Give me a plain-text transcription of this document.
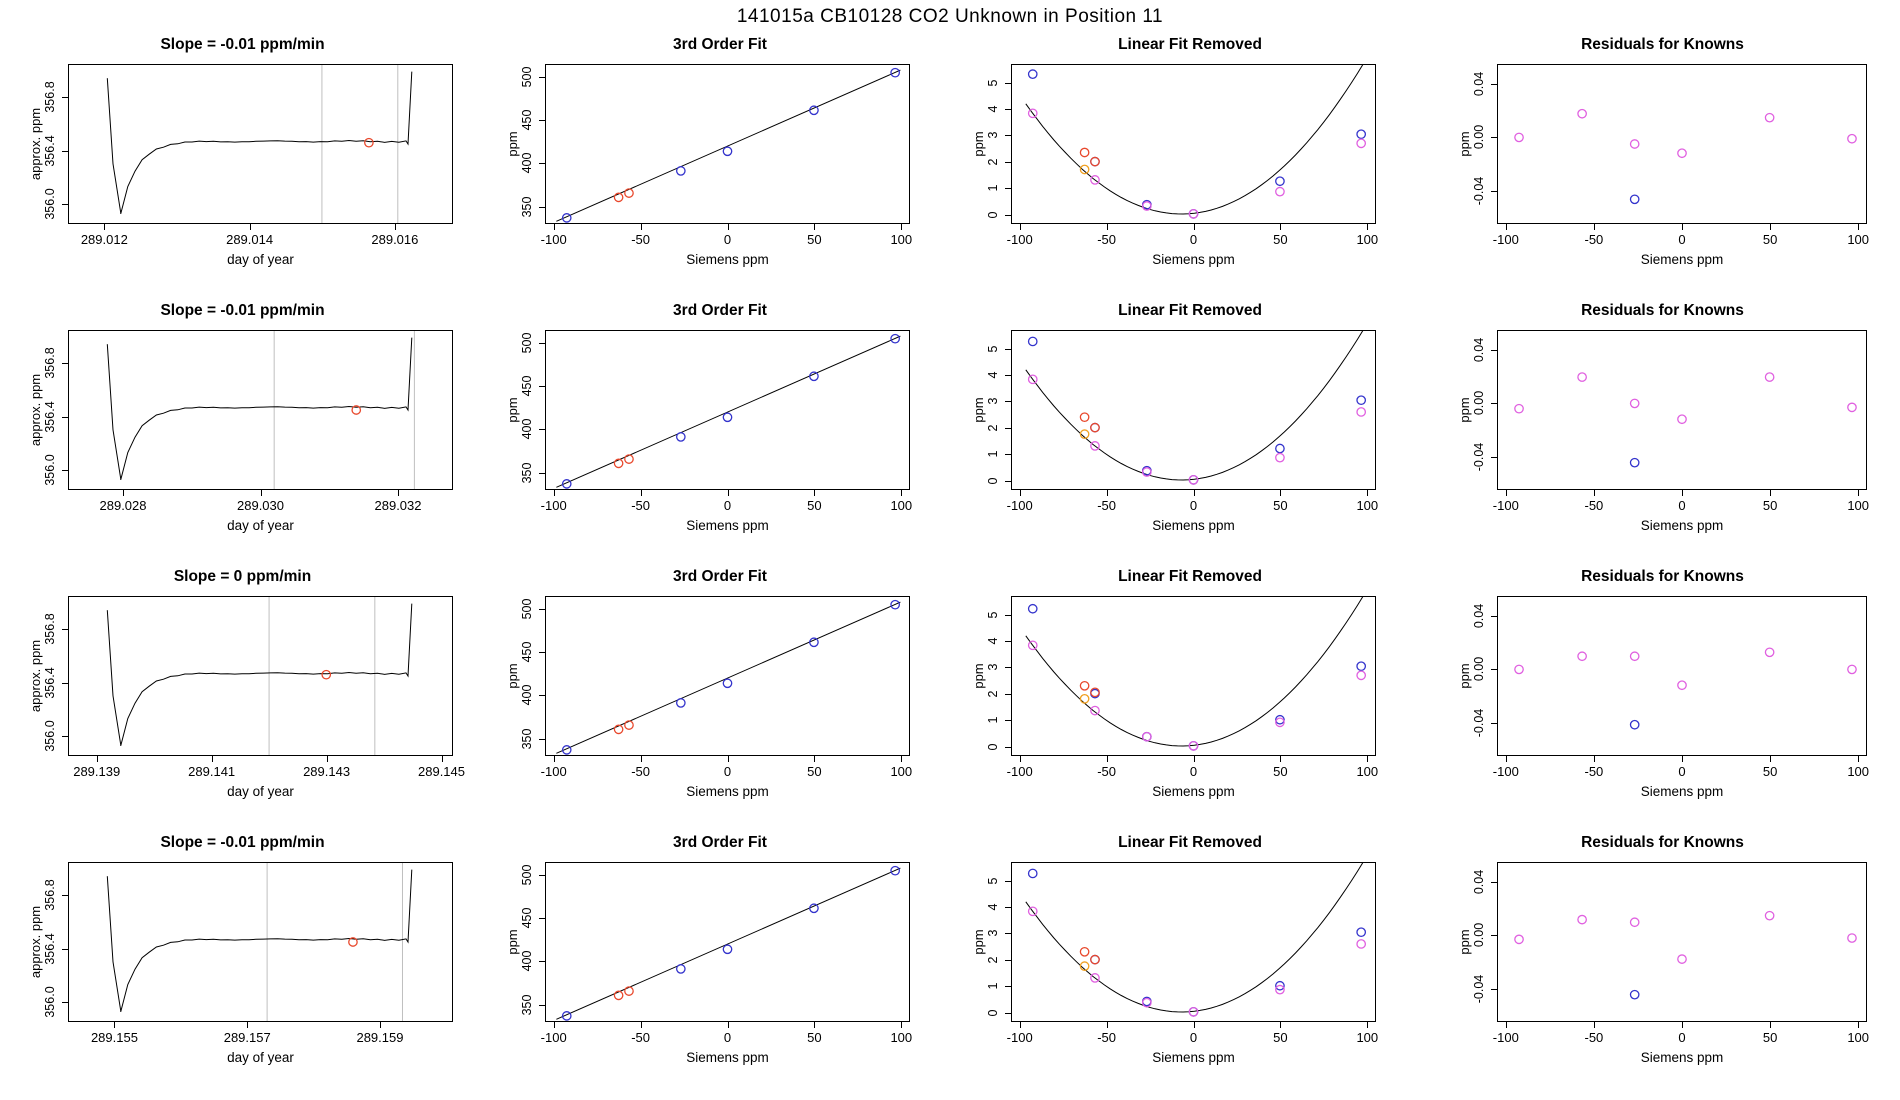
141015a CB10128 CO2 Unknown in Position 11
Slope = -0.01 ppm/min
289.012	289.014	289.016
day of year
356.0
356.4
356.8
approx. ppm
3rd Order Fit
-100	-50	0	50	100
Siemens ppm
350
400
450
500
ppm
Linear Fit Removed
-100	-50	0	50	100
Siemens ppm
0
1
2
3
4
5
ppm
Residuals for Knowns
-100	-50	0	50	100
Siemens ppm
-0.04
0.00
0.04
ppm
Slope = -0.01 ppm/min
289.028	289.030	289.032
day of year
356.0
356.4
356.8
approx. ppm
3rd Order Fit
-100	-50	0	50	100
Siemens ppm
350
400
450
500
ppm
Linear Fit Removed
-100	-50	0	50	100
Siemens ppm
0
1
2
3
4
5
ppm
Residuals for Knowns
-100	-50	0	50	100
Siemens ppm
-0.04
0.00
0.04
ppm
Slope = 0 ppm/min
289.139	289.141	289.143	289.145
day of year
356.0
356.4
356.8
approx. ppm
3rd Order Fit
-100	-50	0	50	100
Siemens ppm
350
400
450
500
ppm
Linear Fit Removed
-100	-50	0	50	100
Siemens ppm
0
1
2
3
4
5
ppm
Residuals for Knowns
-100	-50	0	50	100
Siemens ppm
-0.04
0.00
0.04
ppm
Slope = -0.01 ppm/min
289.155	289.157	289.159
day of year
356.0
356.4
356.8
approx. ppm
3rd Order Fit
-100	-50	0	50	100
Siemens ppm
350
400
450
500
ppm
Linear Fit Removed
-100	-50	0	50	100
Siemens ppm
0
1
2
3
4
5
ppm
Residuals for Knowns
-100	-50	0	50	100
Siemens ppm
-0.04
0.00
0.04
ppm
